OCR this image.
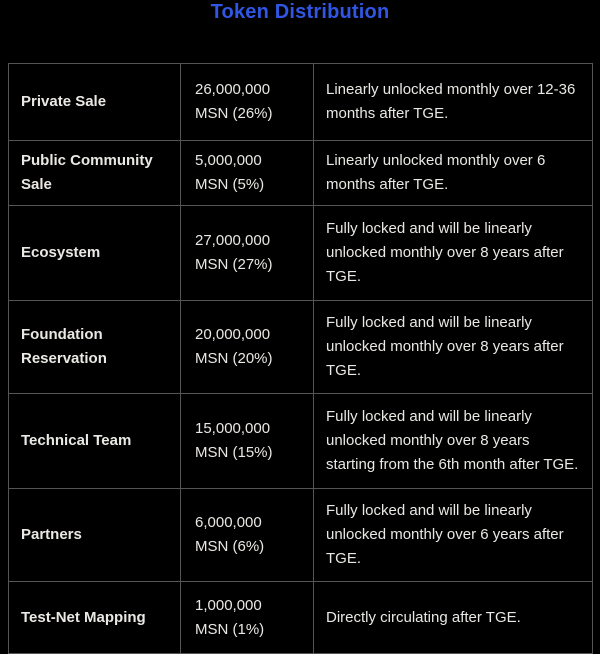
Token Distribution
Private Sale	26,000,000 MSN (26%)	Linearly unlocked monthly over 12-36 months after TGE.
Public Community Sale	5,000,000 MSN (5%)	Linearly unlocked monthly over 6 months after TGE.
Ecosystem	27,000,000 MSN (27%)	Fully locked and will be linearly unlocked monthly over 8 years after TGE.
Foundation Reservation	20,000,000 MSN (20%)	Fully locked and will be linearly unlocked monthly over 8 years after TGE.
Technical Team	15,000,000 MSN (15%)	Fully locked and will be linearly unlocked monthly over 8 years starting from the 6th month after TGE.
Partners	6,000,000 MSN (6%)	Fully locked and will be linearly unlocked monthly over 6 years after TGE.
Test-Net Mapping	1,000,000 MSN (1%)	Directly circulating after TGE.
